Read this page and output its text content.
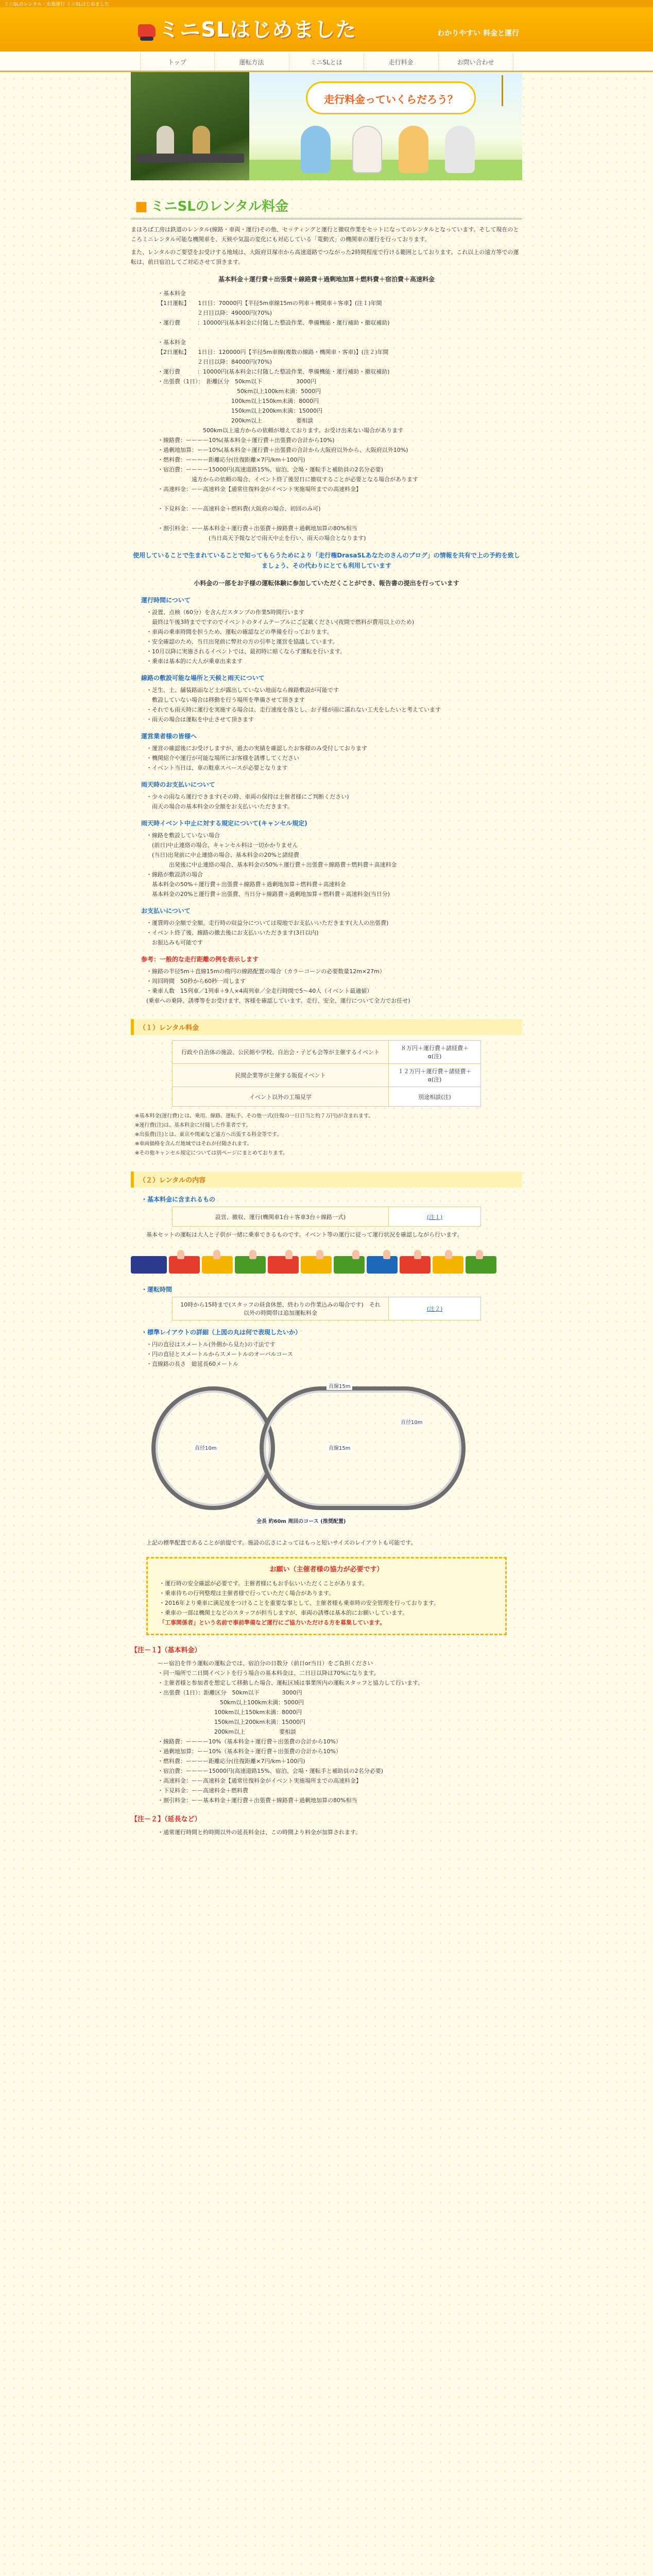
ミニSLのレンタル・出張運行 ミニSLはじめました
ミニSLはじめました	わかりやすい 料金と運行
トップ	運転方法	ミニSLとは	走行料金	お問い合わせ
走行料金っていくらだろう？
■ ミニSLのレンタル料金

まほろば工房は鉄道のレンタル(線路・車両・運行)その他、セッティングと運行と撤収作業をセットになってのレンタルとなっています。そして現在のところミニレンタル可能な機関車を、天候や気温の変化にも対応している「電動式」の機関車の運行を行っております。

また、レンタルのご要望をお受けする地域は、大阪府貝塚市から高速道路でつながった2時間程度で行ける範囲としております。これ以上の遠方等での運転は、前日宿泊してご対応させて頂きます。

基本料金＋運行費＋出張費＋線路費＋過剰地加算＋燃料費＋宿泊費＋高速料金
・基本料金
【1日運転】　　1日目：70000円【半径5m車線15mの列車＋機関車＋客車】(注１)年間
　　　　　　　２日目以降：49000円(70%)
・運行費　　　：10000円(基本料金に付随した整設作業、準備機能・運行補助・撤収補助)

・基本料金
【2日運転】　　1日目：120000円【半径5m車線(複数の線路・機関車・客車)】(注２)年間
　　　　　　　２日目以降：84000円(70%)
・運行費　　　：10000円(基本料金に付随した整設作業、準備機能・運行補助・撤収補助)
・出張費（1日）：　距離区分　50km以下　　　　　　3000円
　　　　　　　　　　　　　　50km以上100km未満：5000円
　　　　　　　　　　　　　100km以上150km未満：8000円
　　　　　　　　　　　　　150km以上200km未満：15000円
　　　　　　　　　　　　　200km以上　　　　　　要相談
　　　　　　　　500km以上遠方からの依頼が増えております。お受け出来ない場合があります
・線路費：ーーーー10%(基本料金＋運行費＋出張費の合計から10%)
・過剰地加算：ーー10%(基本料金＋運行費＋出張費の合計から大阪府以外から、大阪府以外10%)
・燃料費：ーーーー距離応分(往復距離×7円/km＋100円)
・宿泊費：ーーーー15000円(高速道路15%、宿泊、会場・運転手と補助員の2名分必要)
　　　　　　遠方からの依頼の場合、イベント終了後翌日に撤収することが必要となる場合があります
・高速料金：ーー高速料金【通常往復料金がイベント実施場所までの高速料金】

・下見料金：ーー高速料金＋燃料費(大阪府の場合、初回のみ可)

・割引料金：ーー基本料金＋運行費＋出張費＋線路費＋過剰地加算の80%相当
　　　　　　　　　(当日高天予報などで雨天中止を行い、雨天の場合となります)
使用していることで生まれていることで知ってもらうためにより「走行権DrasaSLあなたのさんのブログ」の情報を共有で上の予約を致しましょう、その代わりにとても利用しています
小料金の一部をお子様の運転体験に参加していただくことができ、報告書の提出を行っています
運行時間について
・設置、点検（60分）を含んだスタンプの作業5時間行います
　最終は午後3時までですのでイベントのタイムテーブルにご記載ください(夜間で燃料が費用以上のため)
・車両の乗車時間を担うため、運転の確認などの準備を行っております。
・安全確認のため、当日出発前に弊社の方の引率と運営を協議しています。
・10月以降に実施されるイベントでは、最初時に暗くならず運転を行います。
・乗車は基本的に大人が乗車出来ます
線路の敷設可能な場所と天候と雨天について
・芝生、土、舗装路面など土が露出していない地面なら線路敷設が可能です
　敷設していない場合は移動を行う場所を準備させて頂きます
・それでも雨天時に運行を実施する場合は、走行速度を落とし、お子様が雨に濡れない工夫をしたいと考えています
・雨天の場合は運転を中止させて頂きます
運営業者様の皆様へ
・運営の確認後にお受けしますが、過去の実績を確認したお客様のみ受付しております
・機関紹介や運行が可能な場所にお客様を誘導してください
・イベント当日は、車の駐車スペースが必要となります
雨天時のお支払いについて
・少々の雨なら運行できます(その時、車両の保持は主催者様にご判断ください)
　雨天の場合の基本料金の全額をお支払いいただきます。
雨天時イベント中止に対する規定について(キャンセル規定)
・線路を敷設していない場合
　(前日)中止連絡の場合、キャンセル料は一切かかりません
　(当日)出発前に中止連絡の場合、基本料金の20%と諸経費
　　　　出発後に中止連絡の場合、基本料金の50%＋運行費＋出張費＋線路費＋燃料費＋高速料金
・線路が敷設済の場合
　基本料金の50%＋運行費＋出張費＋線路費＋過剰地加算＋燃料費＋高速料金
　基本料金の20%と運行費＋出張費、当日分＋線路費＋過剰地加算＋燃料費＋高速料金(当日分)
お支払いについて
・運賃時の全額で全額、走行時の収益分については現地でお支払いいただきます(大人の出張費)
・イベント終了後、線路の撤去後にお支払いいただきます(3日以内)
　お振込みも可能です
参考：一般的な走行距離の例を表示します
・線路の半径5m＋直線15mの楕円の線路配置の場合（カラーコーンの必要数量12m×27m）
・周回時間　50秒から60秒一周します
・乗車人数　15列車／1列車＋9人×4両列車／全走行時間で5～40人（イベント最適値）

(乗車への乗降、誘導等をお受けます、客様を確認しています。走行、安全、運行について全力でお任せ)

（１）レンタル料金
行政や自治体の施設、公民館や学校、自治会・子ども会等が主催するイベント	８万円＋運行費＋諸経費＋α(注)
民間企業等が主催する販促イベント	１２万円＋運行費＋諸経費＋α(注)
イベント以外の工場見学	別途相談(注)
※基本料金(運行費)とは、乗用、線路、運転手、その他一式(往復の一日日当と約７万円)が含まれます。
※運行費(注)は、基本料金に付随した作業者です。
※出張費(注)とは、東京や関東など遠方へ出張する料金等です。
※車両価格を含んだ地域ではそれが付随されます。
※その他キャンセル規定については別ページにまとめております。
（２）レンタルの内容
・基本料金に含まれるもの
設営、撤収、運行(機関車1台＋客車3台＋線路一式)	(注１)

基本セットの運転は大人と子供が一緒に乗車できるものです。イベント等の運行に従って運行状況を確認しながら行います。

・運転時間
10時から15時まで(スタッフの昼食休憩、終わりの作業込みの場合です)　それ以外の時間帯は追加運転料金	(注２)
・標準レイアウトの詳細（上図の丸は何で表現したいか）
・円の直径はスメートル(外側から見た)の寸法です
・円の直径とスメートルからスメートルのオーバルコース
・直線路の長さ　総延長60メートル
直径10m
直径10m
直線15m
直線15m
全長 約60m 周回のコース (推奨配置)

上記の標準配置であることが前提です。施設の広さによってはもっと短いサイズのレイアウトも可能です。

お願い（主催者様の協力が必要です）
・運行時の安全確認が必要です。主催者様にもお手伝いいただくことがあります。
・乗車待ちの行列整理は主催者様で行っていただく場合があります。
・2016年より乗車に満足度をつけることを重要な事として、主催者様も乗車時の安全管理を行っております。
・乗車の一部は機関士などのスタッフが担当しますが、車両の誘導は基本的にお願いしています。
「工事関係者」という名前で事前準備など運行にご協力いただける方を募集しています。
【注－１】（基本料金）
ーー宿泊を伴う運転の運転会では、宿泊分の日数分（前日or当日）をご負担ください
・同一場所で二日間イベントを行う場合の基本料金は、二日目以降は70%になります。
・主催者様と参加者を想定して移動した場合、運転区域は事業所内の運転スタッフと協力して行います。
・出張費（1日）：距離区分　50km以下　　　　3000円
　　　　　　　　　　　50km以上100km未満：5000円
　　　　　　　　　　100km以上150km未満：8000円
　　　　　　　　　　150km以上200km未満：15000円
　　　　　　　　　　200km以上　　　　　　要相談
・線路費：ーーーー10%（基本料金＋運行費＋出張費の合計から10%）
・過剰地加算：ーー10%（基本料金＋運行費＋出張費の合計から10%）
・燃料費：ーーーー距離応分(往復距離×7円/km＋100円)
・宿泊費：ーーーー15000円(高速道路15%、宿泊、会場・運転手と補助員の2名分必要)
・高速料金：ーー高速料金【通常往復料金がイベント実施場所までの高速料金】
・下見料金：ーー高速料金＋燃料費
・割引料金：ーー基本料金＋運行費＋出張費＋線路費＋過剰地加算の80%相当
【注－２】（延長など）
・通常運行時間と約時間以外の延長料金は、この時間より料金が加算されます。
